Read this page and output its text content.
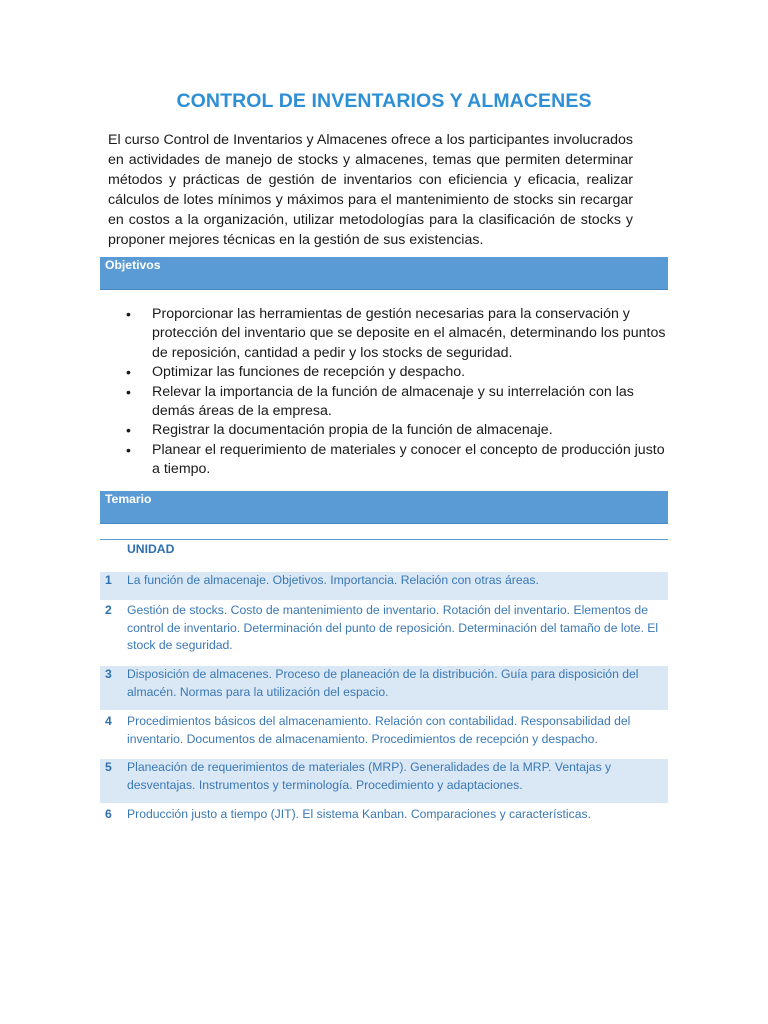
CONTROL DE INVENTARIOS Y ALMACENES

El curso Control de Inventarios y Almacenes ofrece a los participantes involucrados en actividades de manejo de stocks y almacenes, temas que permiten determinar métodos y prácticas de gestión de inventarios con eficiencia y eficacia, realizar cálculos de lotes mínimos y máximos para el mantenimiento de stocks sin recargar en costos a la organización, utilizar metodologías para la clasificación de stocks y proponer mejores técnicas en la gestión de sus existencias.

Objetivos
• Proporcionar las herramientas de gestión necesarias para la conservación y protección del inventario que se deposite en el almacén, determinando los puntos de reposición, cantidad a pedir y los stocks de seguridad.
• Optimizar las funciones de recepción y despacho.
• Relevar la importancia de la función de almacenaje y su interrelación con las demás áreas de la empresa.
• Registrar la documentación propia de la función de almacenaje.
• Planear el requerimiento de materiales y conocer el concepto de producción justo a tiempo.
Temario
UNIDAD
1	La función de almacenaje. Objetivos. Importancia. Relación con otras áreas.
2	Gestión de stocks. Costo de mantenimiento de inventario. Rotación del inventario. Elementos de control de inventario. Determinación del punto de reposición. Determinación del tamaño de lote. El stock de seguridad.
3	Disposición de almacenes. Proceso de planeación de la distribución. Guía para disposición del almacén. Normas para la utilización del espacio.
4	Procedimientos básicos del almacenamiento. Relación con contabilidad. Responsabilidad del inventario. Documentos de almacenamiento. Procedimientos de recepción y despacho.
5	Planeación de requerimientos de materiales (MRP). Generalidades de la MRP. Ventajas y desventajas. Instrumentos y terminología. Procedimiento y adaptaciones.
6	Producción justo a tiempo (JIT). El sistema Kanban. Comparaciones y características.
